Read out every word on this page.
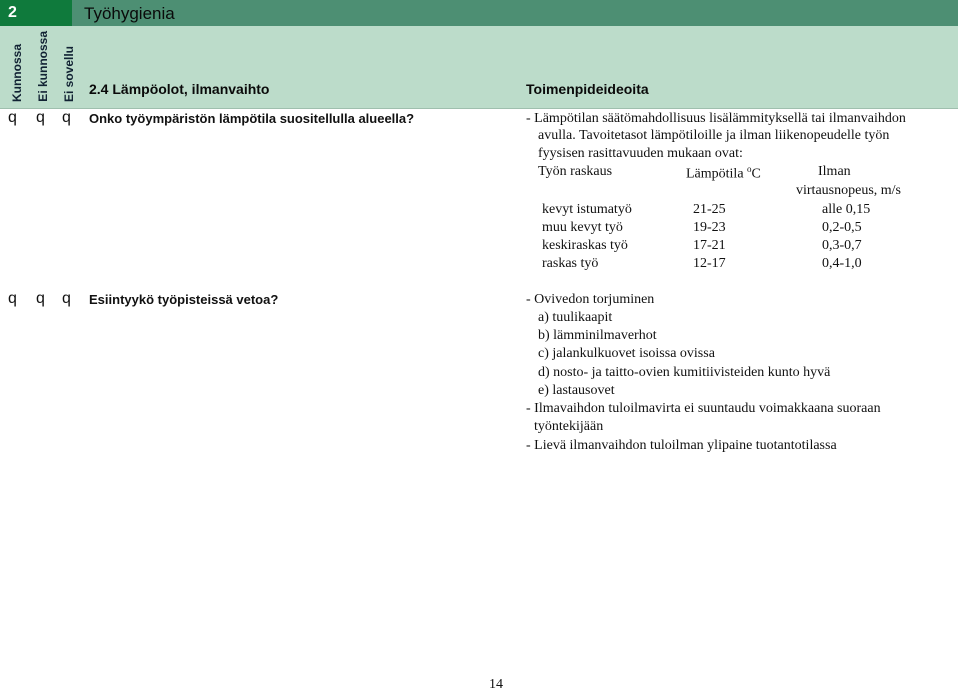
2	Työhygienia
Kunnossa Ei kunnossa Ei sovellu 2.4 Lämpöolot, ilmanvaihto	Toimenpideideoita
q q q Onko työympäristön lämpötila suositellulla alueella?	- Lämpötilan säätömahdollisuus lisälämmityksellä tai ilmanvaihdon
avulla. Tavoitetasot lämpötiloille ja ilman liikenopeudelle työn
fyysisen rasittavuuden mukaan ovat:
Työn raskaus	Lämpötila $^o$C	Ilman
virtausnopeus, m/s
kevyt istumatyö	21-25	alle 0,15
muu kevyt työ	19-23	0,2-0,5
keskiraskas työ	17-21	0,3-0,7
raskas työ	12-17	0,4-1,0
q q q Esiintyykö työpisteissä vetoa?	- Ovivedon torjuminen
a) tuulikaapit
b) lämminilmaverhot
c) jalankulkuovet isoissa ovissa
d) nosto- ja taitto-ovien kumitiivisteiden kunto hyvä
e) lastausovet
- Ilmavaihdon tuloilmavirta ei suuntaudu voimakkaana suoraan
työntekijään
- Lievä ilmanvaihdon tuloilman ylipaine tuotantotilassa
14
